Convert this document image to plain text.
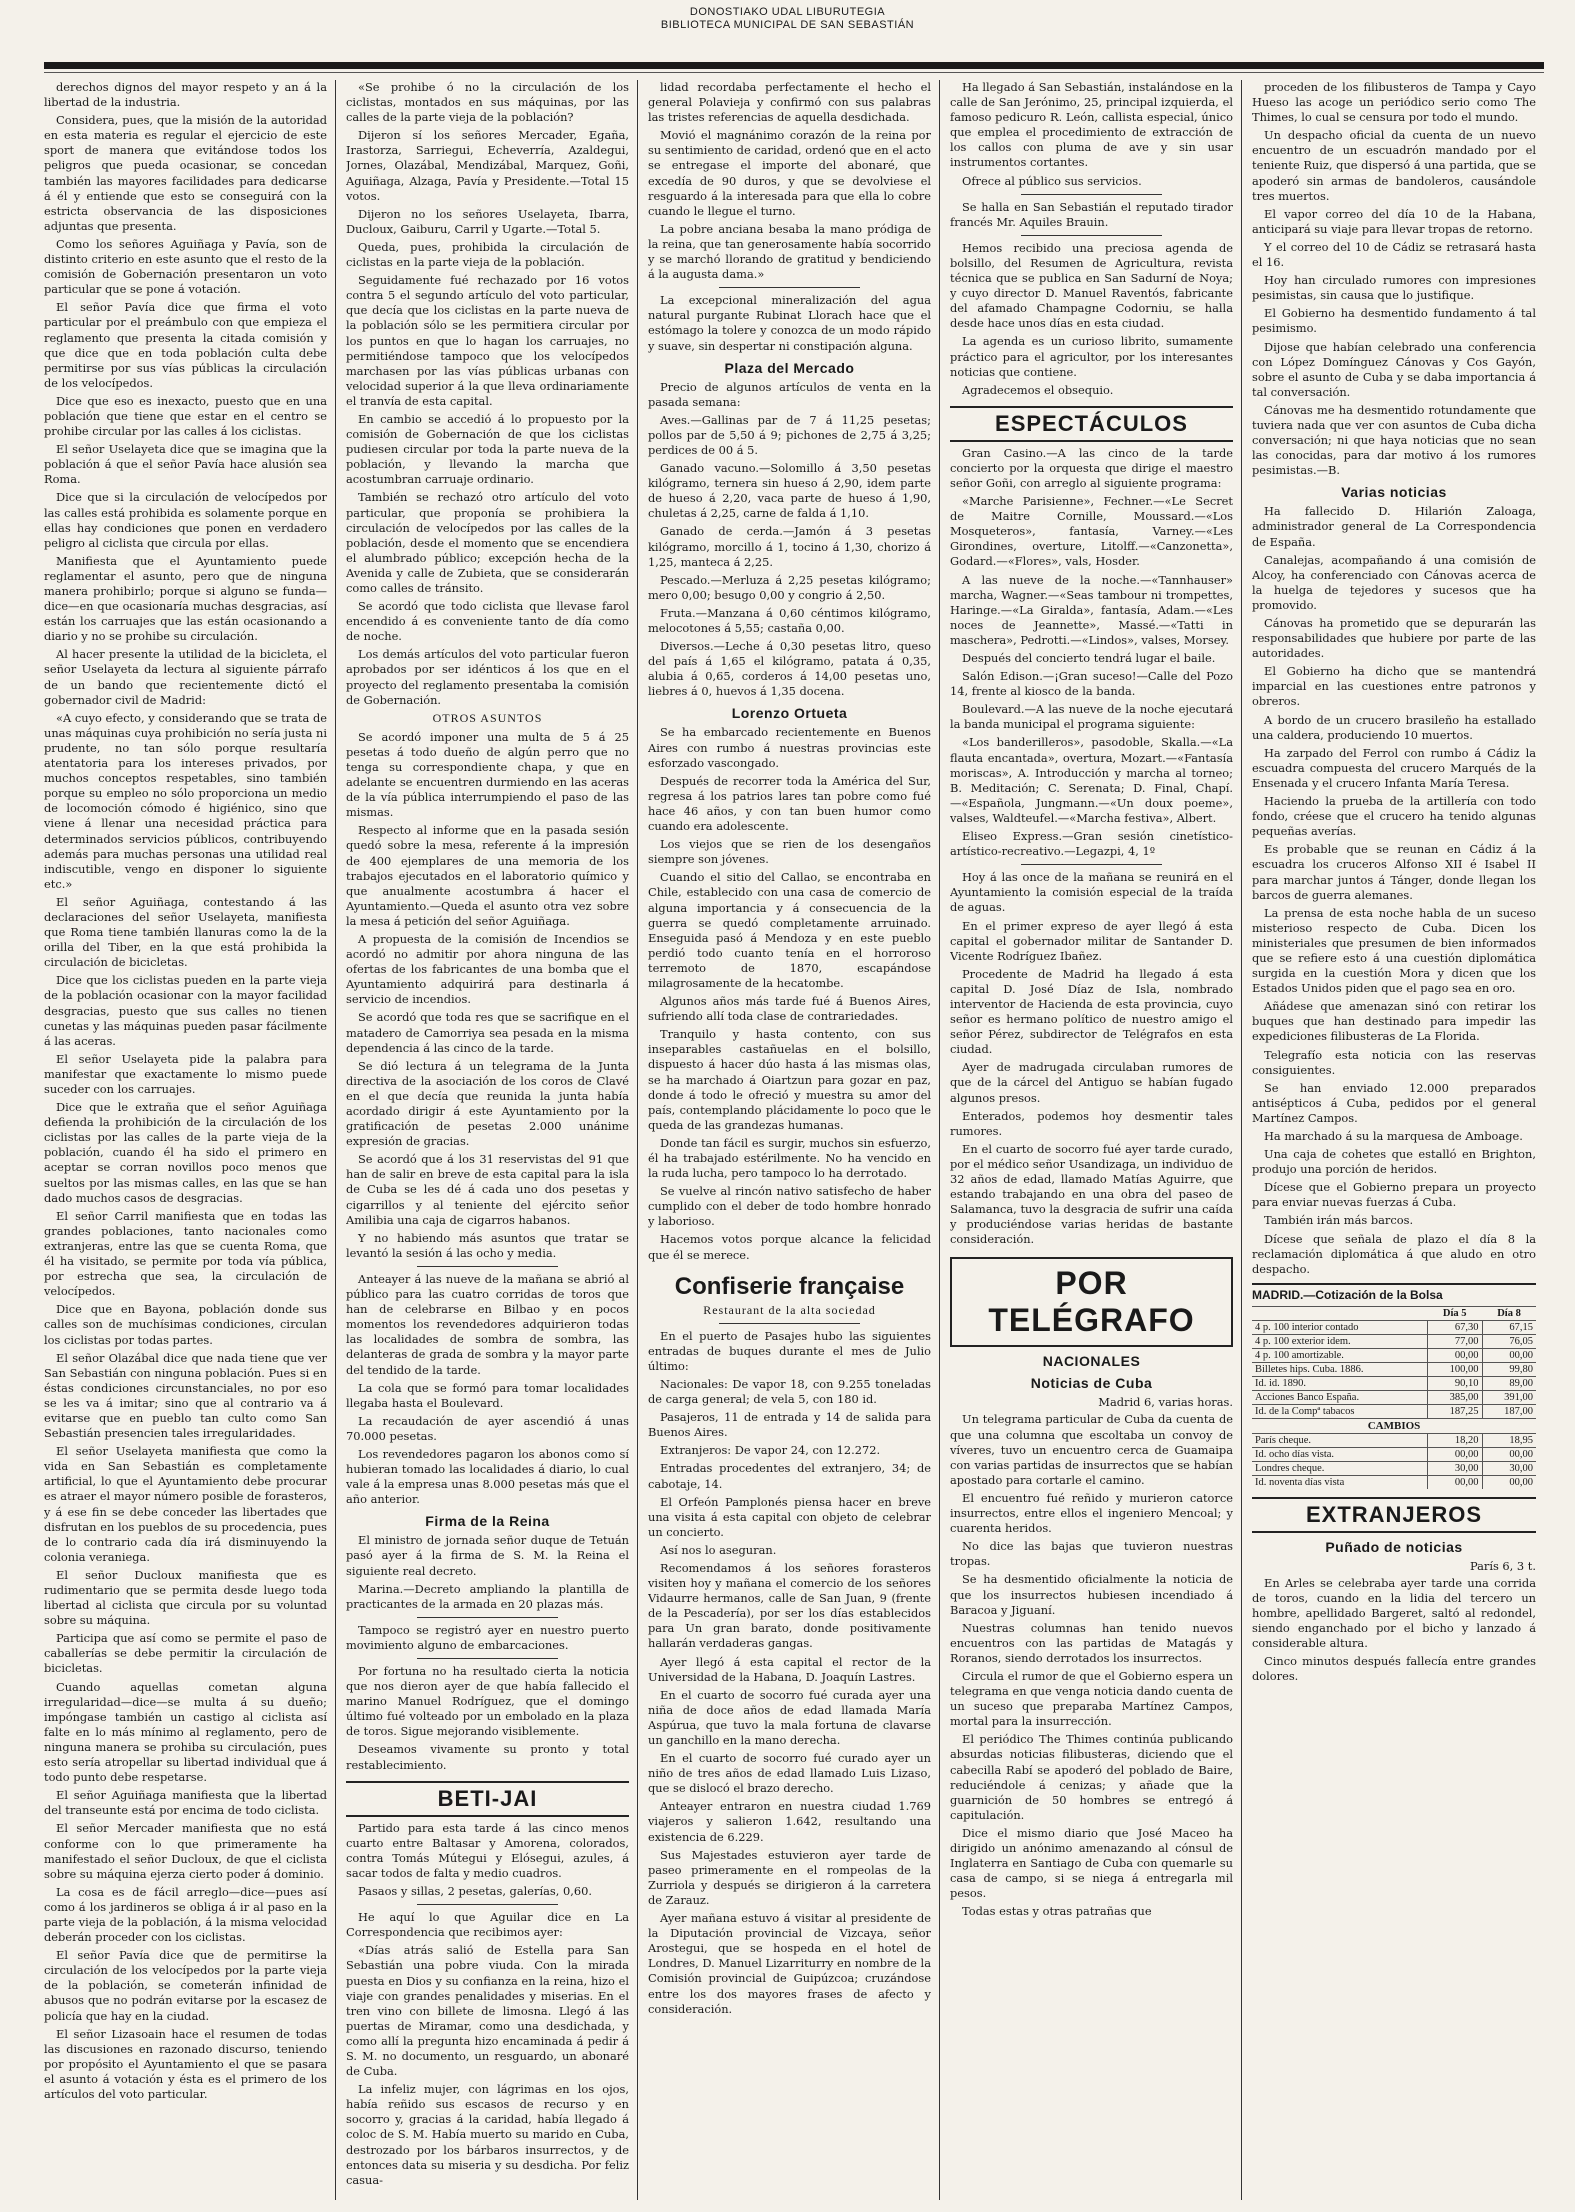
DONOSTIAKO UDAL LIBURUTEGIA
BIBLIOTECA MUNICIPAL DE SAN SEBASTIÁN

derechos dignos del mayor respeto y an á la libertad de la industria.

Considera, pues, que la misión de la autoridad en esta materia es regular el ejercicio de este sport de manera que evitándose todos los peligros que pueda ocasionar, se concedan también las mayores facilidades para dedicarse á él y entiende que esto se conseguirá con la estricta observancia de las disposiciones adjuntas que presenta.

Como los señores Aguiñaga y Pavía, son de distinto criterio en este asunto que el resto de la comisión de Gobernación presentaron un voto particular que se pone á votación.

El señor Pavía dice que firma el voto particular por el preámbulo con que empieza el reglamento que presenta la citada comisión y que dice que en toda población culta debe permitirse por sus vías públicas la circulación de los velocípedos.

Dice que eso es inexacto, puesto que en una población que tiene que estar en el centro se prohibe circular por las calles á los ciclistas.

El señor Uselayeta dice que se imagina que la población á que el señor Pavía hace alusión sea Roma.

Dice que si la circulación de velocípedos por las calles está prohibida es solamente porque en ellas hay condiciones que ponen en verdadero peligro al ciclista que circula por ellas.

Manifiesta que el Ayuntamiento puede reglamentar el asunto, pero que de ninguna manera prohibirlo; porque si alguno se funda—dice—en que ocasionaría muchas desgracias, así están los carruajes que las están ocasionando a diario y no se prohibe su circulación.

Al hacer presente la utilidad de la bicicleta, el señor Uselayeta da lectura al siguiente párrafo de un bando que recientemente dictó el gobernador civil de Madrid:

«A cuyo efecto, y considerando que se trata de unas máquinas cuya prohibición no sería justa ni prudente, no tan sólo porque resultaría atentatoria para los intereses privados, por muchos conceptos respetables, sino también porque su empleo no sólo proporciona un medio de locomoción cómodo é higiénico, sino que viene á llenar una necesidad práctica para determinados servicios públicos, contribuyendo además para muchas personas una utilidad real indiscutible, vengo en disponer lo siguiente etc.»

El señor Aguiñaga, contestando á las declaraciones del señor Uselayeta, manifiesta que Roma tiene también llanuras como la de la orilla del Tiber, en la que está prohibida la circulación de bicicletas.

Dice que los ciclistas pueden en la parte vieja de la población ocasionar con la mayor facilidad desgracias, puesto que sus calles no tienen cunetas y las máquinas pueden pasar fácilmente á las aceras.

El señor Uselayeta pide la palabra para manifestar que exactamente lo mismo puede suceder con los carruajes.

Dice que le extraña que el señor Aguiñaga defienda la prohibición de la circulación de los ciclistas por las calles de la parte vieja de la población, cuando él ha sido el primero en aceptar se corran novillos poco menos que sueltos por las mismas calles, en las que se han dado muchos casos de desgracias.

El señor Carril manifiesta que en todas las grandes poblaciones, tanto nacionales como extranjeras, entre las que se cuenta Roma, que él ha visitado, se permite por toda vía pública, por estrecha que sea, la circulación de velocípedos.

Dice que en Bayona, población donde sus calles son de muchísimas condiciones, circulan los ciclistas por todas partes.

El señor Olazábal dice que nada tiene que ver San Sebastián con ninguna población. Pues si en éstas condiciones circunstanciales, no por eso se les va á imitar; sino que al contrario va á evitarse que en pueblo tan culto como San Sebastián presencien tales irregularidades.

El señor Uselayeta manifiesta que como la vida en San Sebastián es completamente artificial, lo que el Ayuntamiento debe procurar es atraer el mayor número posible de forasteros, y á ese fin se debe conceder las libertades que disfrutan en los pueblos de su procedencia, pues de lo contrario cada día irá disminuyendo la colonia veraniega.

El señor Ducloux manifiesta que es rudimentario que se permita desde luego toda libertad al ciclista que circula por su voluntad sobre su máquina.

Participa que así como se permite el paso de caballerías se debe permitir la circulación de bicicletas.

Cuando aquellas cometan alguna irregularidad—dice—se multa á su dueño; impóngase también un castigo al ciclista así falte en lo más mínimo al reglamento, pero de ninguna manera se prohiba su circulación, pues esto sería atropellar su libertad individual que á todo punto debe respetarse.

El señor Aguiñaga manifiesta que la libertad del transeunte está por encima de todo ciclista.

El señor Mercader manifiesta que no está conforme con lo que primeramente ha manifestado el señor Ducloux, de que el ciclista sobre su máquina ejerza cierto poder á dominio.

La cosa es de fácil arreglo—dice—pues así como á los jardineros se obliga á ir al paso en la parte vieja de la población, á la misma velocidad deberán proceder con los ciclistas.

El señor Pavía dice que de permitirse la circulación de los velocípedos por la parte vieja de la población, se cometerán infinidad de abusos que no podrán evitarse por la escasez de policía que hay en la ciudad.

El señor Lizasoain hace el resumen de todas las discusiones en razonado discurso, teniendo por propósito el Ayuntamiento el que se pasara el asunto á votación y ésta es el primero de los artículos del voto particular.

«Se prohibe ó no la circulación de los ciclistas, montados en sus máquinas, por las calles de la parte vieja de la población?

Dijeron sí los señores Mercader, Egaña, Irastorza, Sarriegui, Echeverría, Azaldegui, Jornes, Olazábal, Mendizábal, Marquez, Goñi, Aguiñaga, Alzaga, Pavía y Presidente.—Total 15 votos.

Dijeron no los señores Uselayeta, Ibarra, Ducloux, Gaiburu, Carril y Ugarte.—Total 5.

Queda, pues, prohibida la circulación de ciclistas en la parte vieja de la población.

Seguidamente fué rechazado por 16 votos contra 5 el segundo artículo del voto particular, que decía que los ciclistas en la parte nueva de la población sólo se les permitiera circular por los puntos en que lo hagan los carruajes, no permitiéndose tampoco que los velocípedos marchasen por las vías públicas urbanas con velocidad superior á la que lleva ordinariamente el tranvía de esta capital.

En cambio se accedió á lo propuesto por la comisión de Gobernación de que los ciclistas pudiesen circular por toda la parte nueva de la población, y llevando la marcha que acostumbran carruaje ordinario.

También se rechazó otro artículo del voto particular, que proponía se prohibiera la circulación de velocípedos por las calles de la población, desde el momento que se encendiera el alumbrado público; excepción hecha de la Avenida y calle de Zubieta, que se considerarán como calles de tránsito.

Se acordó que todo ciclista que llevase farol encendido á es conveniente tanto de día como de noche.

Los demás artículos del voto particular fueron aprobados por ser idénticos á los que en el proyecto del reglamento presentaba la comisión de Gobernación.

OTROS ASUNTOS

Se acordó imponer una multa de 5 á 25 pesetas á todo dueño de algún perro que no tenga su correspondiente chapa, y que en adelante se encuentren durmiendo en las aceras de la vía pública interrumpiendo el paso de las mismas.

Respecto al informe que en la pasada sesión quedó sobre la mesa, referente á la impresión de 400 ejemplares de una memoria de los trabajos ejecutados en el laboratorio químico y que anualmente acostumbra á hacer el Ayuntamiento.—Queda el asunto otra vez sobre la mesa á petición del señor Aguiñaga.

A propuesta de la comisión de Incendios se acordó no admitir por ahora ninguna de las ofertas de los fabricantes de una bomba que el Ayuntamiento adquirirá para destinarla á servicio de incendios.

Se acordó que toda res que se sacrifique en el matadero de Camorriya sea pesada en la misma dependencia á las cinco de la tarde.

Se dió lectura á un telegrama de la Junta directiva de la asociación de los coros de Clavé en el que decía que reunida la junta había acordado dirigir á este Ayuntamiento por la gratificación de pesetas 2.000 unánime expresión de gracias.

Se acordó que á los 31 reservistas del 91 que han de salir en breve de esta capital para la isla de Cuba se les dé á cada uno dos pesetas y cigarrillos y al teniente del ejército señor Amilibia una caja de cigarros habanos.

Y no habiendo más asuntos que tratar se levantó la sesión á las ocho y media.

Anteayer á las nueve de la mañana se abrió al público para las cuatro corridas de toros que han de celebrarse en Bilbao y en pocos momentos los revendedores adquirieron todas las localidades de sombra de sombra, las delanteras de grada de sombra y la mayor parte del tendido de la tarde.

La cola que se formó para tomar localidades llegaba hasta el Boulevard.

La recaudación de ayer ascendió á unas 70.000 pesetas.

Los revendedores pagaron los abonos como sí hubieran tomado las localidades á diario, lo cual vale á la empresa unas 8.000 pesetas más que el año anterior.

Firma de la Reina

El ministro de jornada señor duque de Tetuán pasó ayer á la firma de S. M. la Reina el siguiente real decreto.

Marina.—Decreto ampliando la plantilla de practicantes de la armada en 20 plazas más.

Tampoco se registró ayer en nuestro puerto movimiento alguno de embarcaciones.

Por fortuna no ha resultado cierta la noticia que nos dieron ayer de que había fallecido el marino Manuel Rodríguez, que el domingo último fué volteado por un embolado en la plaza de toros. Sigue mejorando visiblemente.

Deseamos vivamente su pronto y total restablecimiento.

BETI-JAI

Partido para esta tarde á las cinco menos cuarto entre Baltasar y Amorena, colorados, contra Tomás Mútegui y Elósegui, azules, á sacar todos de falta y medio cuadros.

Pasaos y sillas, 2 pesetas, galerías, 0,60.

He aquí lo que Aguilar dice en La Correspondencia que recibimos ayer:

«Días atrás salió de Estella para San Sebastián una pobre viuda. Con la mirada puesta en Dios y su confianza en la reina, hizo el viaje con grandes penalidades y miserias. En el tren vino con billete de limosna. Llegó á las puertas de Miramar, como una desdichada, y como allí la pregunta hizo encaminada á pedir á S. M. no documento, un resguardo, un abonaré de Cuba.

La infeliz mujer, con lágrimas en los ojos, había reñido sus escasos de recurso y en socorro y, gracias á la caridad, había llegado á coloc de S. M. Había muerto su marido en Cuba, destrozado por los bárbaros insurrectos, y de entonces data su miseria y su desdicha. Por feliz casua-

lidad recordaba perfectamente el hecho el general Polavieja y confirmó con sus palabras las tristes referencias de aquella desdichada.

Movió el magnánimo corazón de la reina por su sentimiento de caridad, ordenó que en el acto se entregase el importe del abonaré, que excedía de 90 duros, y que se devolviese el resguardo á la interesada para que ella lo cobre cuando le llegue el turno.

La pobre anciana besaba la mano pródiga de la reina, que tan generosamente había socorrido y se marchó llorando de gratitud y bendiciendo á la augusta dama.»

La excepcional mineralización del agua natural purgante Rubinat Llorach hace que el estómago la tolere y conozca de un modo rápido y suave, sin despertar ni constipación alguna.

Plaza del Mercado

Precio de algunos artículos de venta en la pasada semana:

Aves.—Gallinas par de 7 á 11,25 pesetas; pollos par de 5,50 á 9; pichones de 2,75 á 3,25; perdices de 00 á 5.

Ganado vacuno.—Solomillo á 3,50 pesetas kilógramo, ternera sin hueso á 2,90, idem parte de hueso á 2,20, vaca parte de hueso á 1,90, chuletas á 2,25, carne de falda á 1,10.

Ganado de cerda.—Jamón á 3 pesetas kilógramo, morcillo á 1, tocino á 1,30, chorizo á 1,25, manteca á 2,25.

Pescado.—Merluza á 2,25 pesetas kilógramo; mero 0,00; besugo 0,00 y congrio á 2,50.

Fruta.—Manzana á 0,60 céntimos kilógramo, melocotones á 5,55; castaña 0,00.

Diversos.—Leche á 0,30 pesetas litro, queso del país á 1,65 el kilógramo, patata á 0,35, alubia á 0,65, corderos á 14,00 pesetas uno, liebres á 0, huevos á 1,35 docena.

Lorenzo Ortueta

Se ha embarcado recientemente en Buenos Aires con rumbo á nuestras provincias este esforzado vascongado.

Después de recorrer toda la América del Sur, regresa á los patrios lares tan pobre como fué hace 46 años, y con tan buen humor como cuando era adolescente.

Los viejos que se rien de los desengaños siempre son jóvenes.

Cuando el sitio del Callao, se encontraba en Chile, establecido con una casa de comercio de alguna importancia y á consecuencia de la guerra se quedó completamente arruinado. Enseguida pasó á Mendoza y en este pueblo perdió todo cuanto tenía en el horroroso terremoto de 1870, escapándose milagrosamente de la hecatombe.

Algunos años más tarde fué á Buenos Aires, sufriendo allí toda clase de contrariedades.

Tranquilo y hasta contento, con sus inseparables castañuelas en el bolsillo, dispuesto á hacer dúo hasta á las mismas olas, se ha marchado á Oiartzun para gozar en paz, donde á todo le ofreció y muestra su amor del país, contemplando plácidamente lo poco que le queda de las grandezas humanas.

Donde tan fácil es surgir, muchos sin esfuerzo, él ha trabajado estérilmente. No ha vencido en la ruda lucha, pero tampoco lo ha derrotado.

Se vuelve al rincón nativo satisfecho de haber cumplido con el deber de todo hombre honrado y laborioso.

Hacemos votos porque alcance la felicidad que él se merece.

Confiserie française
Restaurant de la alta sociedad

En el puerto de Pasajes hubo las siguientes entradas de buques durante el mes de Julio último:

Nacionales: De vapor 18, con 9.255 toneladas de carga general; de vela 5, con 180 id.

Pasajeros, 11 de entrada y 14 de salida para Buenos Aires.

Extranjeros: De vapor 24, con 12.272.

Entradas procedentes del extranjero, 34; de cabotaje, 14.

El Orfeón Pamplonés piensa hacer en breve una visita á esta capital con objeto de celebrar un concierto.

Así nos lo aseguran.

Recomendamos á los señores forasteros visiten hoy y mañana el comercio de los señores Vidaurre hermanos, calle de San Juan, 9 (frente de la Pescadería), por ser los días establecidos para Un gran barato, donde positivamente hallarán verdaderas gangas.

Ayer llegó á esta capital el rector de la Universidad de la Habana, D. Joaquín Lastres.

En el cuarto de socorro fué curada ayer una niña de doce años de edad llamada María Aspúrua, que tuvo la mala fortuna de clavarse un ganchillo en la mano derecha.

En el cuarto de socorro fué curado ayer un niño de tres años de edad llamado Luis Lizaso, que se dislocó el brazo derecho.

Anteayer entraron en nuestra ciudad 1.769 viajeros y salieron 1.642, resultando una existencia de 6.229.

Sus Majestades estuvieron ayer tarde de paseo primeramente en el rompeolas de la Zurriola y después se dirigieron á la carretera de Zarauz.

Ayer mañana estuvo á visitar al presidente de la Diputación provincial de Vizcaya, señor Arostegui, que se hospeda en el hotel de Londres, D. Manuel Lizarriturry en nombre de la Comisión provincial de Guipúzcoa; cruzándose entre los dos mayores frases de afecto y consideración.

Ha llegado á San Sebastián, instalándose en la calle de San Jerónimo, 25, principal izquierda, el famoso pedicuro R. León, callista especial, único que emplea el procedimiento de extracción de los callos con pluma de ave y sin usar instrumentos cortantes.

Ofrece al público sus servicios.

Se halla en San Sebastián el reputado tirador francés Mr. Aquiles Brauin.

Hemos recibido una preciosa agenda de bolsillo, del Resumen de Agricultura, revista técnica que se publica en San Sadurní de Noya; y cuyo director D. Manuel Raventós, fabricante del afamado Champagne Codorniu, se halla desde hace unos días en esta ciudad.

La agenda es un curioso librito, sumamente práctico para el agricultor, por los interesantes noticias que contiene.

Agradecemos el obsequio.

ESPECTÁCULOS

Gran Casino.—A las cinco de la tarde concierto por la orquesta que dirige el maestro señor Goñi, con arreglo al siguiente programa:

«Marche Parisienne», Fechner.—«Le Secret de Maitre Cornille, Moussard.—«Los Mosqueteros», fantasía, Varney.—«Les Girondines, overture, Litolff.—«Canzonetta», Godard.—«Flores», vals, Hosder.

A las nueve de la noche.—«Tannhauser» marcha, Wagner.—«Seas tambour ni trompettes, Haringe.—«La Giralda», fantasía, Adam.—«Les noces de Jeannette», Massé.—«Tatti in maschera», Pedrotti.—«Lindos», valses, Morsey.

Después del concierto tendrá lugar el baile.

Salón Edison.—¡Gran suceso!—Calle del Pozo 14, frente al kiosco de la banda.

Boulevard.—A las nueve de la noche ejecutará la banda municipal el programa siguiente:

«Los banderilleros», pasodoble, Skalla.—«La flauta encantada», overtura, Mozart.—«Fantasía moriscas», A. Introducción y marcha al torneo; B. Meditación; C. Serenata; D. Final, Chapí.—«Española, Jungmann.—«Un doux poeme», valses, Waldteufel.—«Marcha festiva», Albert.

Eliseo Express.—Gran sesión cinetístico-artístico-recreativo.—Legazpi, 4, 1º

Hoy á las once de la mañana se reunirá en el Ayuntamiento la comisión especial de la traída de aguas.

En el primer expreso de ayer llegó á esta capital el gobernador militar de Santander D. Vicente Rodríguez Ibañez.

Procedente de Madrid ha llegado á esta capital D. José Díaz de Isla, nombrado interventor de Hacienda de esta provincia, cuyo señor es hermano político de nuestro amigo el señor Pérez, subdirector de Telégrafos en esta ciudad.

Ayer de madrugada circulaban rumores de que de la cárcel del Antiguo se habían fugado algunos presos.

Enterados, podemos hoy desmentir tales rumores.

En el cuarto de socorro fué ayer tarde curado, por el médico señor Usandizaga, un individuo de 32 años de edad, llamado Matías Aguirre, que estando trabajando en una obra del paseo de Salamanca, tuvo la desgracia de sufrir una caída y produciéndose varias heridas de bastante consideración.

POR TELÉGRAFO
NACIONALES
Noticias de Cuba
Madrid 6, varias horas.

Un telegrama particular de Cuba da cuenta de que una columna que escoltaba un convoy de víveres, tuvo un encuentro cerca de Guamaipa con varias partidas de insurrectos que se habían apostado para cortarle el camino.

El encuentro fué reñido y murieron catorce insurrectos, entre ellos el ingeniero Mencoal; y cuarenta heridos.

No dice las bajas que tuvieron nuestras tropas.

Se ha desmentido oficialmente la noticia de que los insurrectos hubiesen incendiado á Baracoa y Jiguaní.

Nuestras columnas han tenido nuevos encuentros con las partidas de Matagás y Roranos, siendo derrotados los insurrectos.

Circula el rumor de que el Gobierno espera un telegrama en que venga noticia dando cuenta de un suceso que preparaba Martínez Campos, mortal para la insurrección.

El periódico The Thimes continúa publicando absurdas noticias filibusteras, diciendo que el cabecilla Rabí se apoderó del poblado de Baire, reduciéndole á cenizas; y añade que la guarnición de 50 hombres se entregó á capitulación.

Dice el mismo diario que José Maceo ha dirigido un anónimo amenazando al cónsul de Inglaterra en Santiago de Cuba con quemarle su casa de campo, si se niega á entregarla mil pesos.

Todas estas y otras patrañas que

proceden de los filibusteros de Tampa y Cayo Hueso las acoge un periódico serio como The Thimes, lo cual se censura por todo el mundo.

Un despacho oficial da cuenta de un nuevo encuentro de un escuadrón mandado por el teniente Ruiz, que dispersó á una partida, que se apoderó sin armas de bandoleros, causándole tres muertos.

El vapor correo del día 10 de la Habana, anticipará su viaje para llevar tropas de retorno.

Y el correo del 10 de Cádiz se retrasará hasta el 16.

Hoy han circulado rumores con impresiones pesimistas, sin causa que lo justifique.

El Gobierno ha desmentido fundamento á tal pesimismo.

Dijose que habían celebrado una conferencia con López Domínguez Cánovas y Cos Gayón, sobre el asunto de Cuba y se daba importancia á tal conversación.

Cánovas me ha desmentido rotundamente que tuviera nada que ver con asuntos de Cuba dicha conversación; ni que haya noticias que no sean las conocidas, para dar motivo á los rumores pesimistas.—B.

Varias noticias

Ha fallecido D. Hilarión Zaloaga, administrador general de La Correspondencia de España.

Canalejas, acompañando á una comisión de Alcoy, ha conferenciado con Cánovas acerca de la huelga de tejedores y sucesos que ha promovido.

Cánovas ha prometido que se depurarán las responsabilidades que hubiere por parte de las autoridades.

El Gobierno ha dicho que se mantendrá imparcial en las cuestiones entre patronos y obreros.

A bordo de un crucero brasileño ha estallado una caldera, produciendo 10 muertos.

Ha zarpado del Ferrol con rumbo á Cádiz la escuadra compuesta del crucero Marqués de la Ensenada y el crucero Infanta María Teresa.

Haciendo la prueba de la artillería con todo fondo, créese que el crucero ha tenido algunas pequeñas averías.

Es probable que se reunan en Cádiz á la escuadra los cruceros Alfonso XII é Isabel II para marchar juntos á Tánger, donde llegan los barcos de guerra alemanes.

La prensa de esta noche habla de un suceso misterioso respecto de Cuba. Dicen los ministeriales que presumen de bien informados que se refiere esto á una cuestión diplomática surgida en la cuestión Mora y dicen que los Estados Unidos piden que el pago sea en oro.

Añádese que amenazan sinó con retirar los buques que han destinado para impedir las expediciones filibusteras de La Florida.

Telegrafío esta noticia con las reservas consiguientes.

Se han enviado 12.000 preparados antisépticos á Cuba, pedidos por el general Martínez Campos.

Ha marchado á su la marquesa de Amboage.

Una caja de cohetes que estalló en Brighton, produjo una porción de heridos.

Dícese que el Gobierno prepara un proyecto para enviar nuevas fuerzas á Cuba.

También irán más barcos.

Dícese que señala de plazo el día 8 la reclamación diplomática á que aludo en otro despacho.

MADRID.—Cotización de la Bolsa
	Día 5	Día 8
4 p. 100 interior contado	67,30	67,15
4 p. 100 exterior idem.	77,00	76,05
4 p. 100 amortizable.	00,00	00,00
Billetes hips. Cuba. 1886.	100,00	99,80
Id. id. 1890.	90,10	89,00
Acciones Banco España.	385,00	391,00
Id. de la Compª tabacos	187,25	187,00
CAMBIOS		
París cheque.	18,20	18,95
Id. ocho días vista.	00,00	00,00
Londres cheque.	30,00	30,00
Id. noventa días vista	00,00	00,00
EXTRANJEROS
Puñado de noticias
París 6, 3 t.

En Arles se celebraba ayer tarde una corrida de toros, cuando en la lidia del tercero un hombre, apellidado Bargeret, saltó al redondel, siendo enganchado por el bicho y lanzado á considerable altura.

Cinco minutos después fallecía entre grandes dolores.
